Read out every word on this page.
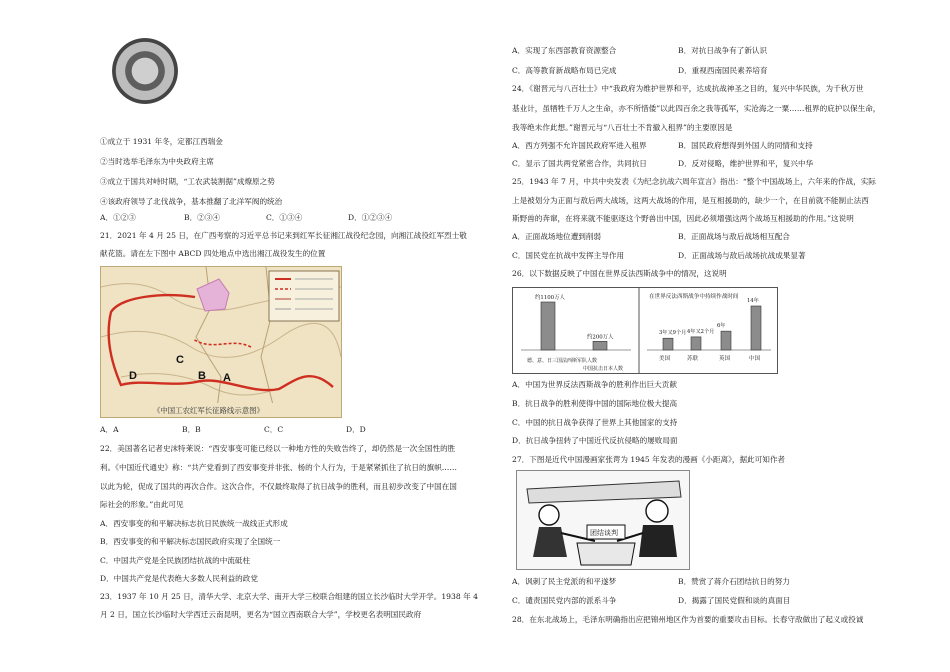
①成立于 1931 年冬，定都江西瑞金
②当时选举毛泽东为中央政府主席
③成立于国共对峙时期，“工农武装割据”成燎原之势
④该政府领导了北伐战争，基本推翻了北洋军阀的统治
A．①②③	B．②③④	C．①③④	D．①②③④
21．2021 年 4 月 25 日，在广西考察的习近平总书记来到红军长征湘江战役纪念园，向湘江战役红军烈士敬
献花篮。请在左下图中 ABCD 四处地点中选出湘江战役发生的位置
A
B
C
D
《中国工农红军长征路线示意图》
A．A	B．B	C．C	D．D
22．美国著名记者史沫特莱说：“西安事变可能已经以一种地方性的失败告终了，却仍然是一次全国性的胜
利。《中国近代通史》称：“共产党看到了西安事变并非张、杨的个人行为，于是紧紧抓住了抗日的旗帜……
以此为轮，促成了国共的再次合作。这次合作，不仅最终取得了抗日战争的胜利，而且初步改变了中国在国
际社会的形象。”由此可见
A．西安事变的和平解决标志抗日民族统一战线正式形成
B．西安事变的和平解决标志国民政府实现了全国统一
C．中国共产党是全民族团结抗战的中流砥柱
D．中国共产党是代表绝大多数人民利益的政党
23．1937 年 10 月 25 日，清华大学、北京大学、南开大学三校联合组建的国立长沙临时大学开学。1938 年 4
月 2 日，国立长沙临时大学西迁云南昆明，更名为“国立西南联合大学”，学校更名表明国民政府
A．实现了东西部教育资源整合	B．对抗日战争有了新认识
C．高等教育新战略布局已完成	D．重视西南国民素养培育
24．《谢晋元与八百壮士》中“我政府为维护世界和平，达成抗战神圣之目的，复兴中华民族，为千秋万世
基业计，虽牺牲千万人之生命，亦不所惜倭”以此四百余之我等孤军，实沧海之一粟……租界的庇护以保生命，
我等绝未作此想。”谢晋元与“八百壮士不肯撤入租界”的主要原因是
A．西方列强不允许国民政府军进入租界	B．国民政府想得到外国人的同情和支持
C．显示了国共两党紧密合作，共同抗日	D．反对侵略，维护世界和平，复兴中华
25．1943 年 7 月，中共中央发表《为纪念抗战六周年宣言》指出：“整个中国战场上，六年来的作战，实际
上是被划分为正面与敌后两大战场，这两大战场的作用，是互相援助的，缺少一个，在目前就不能制止法西
斯野兽的奔窜，在将来就不能驱逐这个野兽出中国，因此必须增强这两个战场互相援助的作用。”这说明
A．正面战场地位遭到削弱	B．正面战场与敌后战场相互配合
C．国民党在抗战中发挥主导作用	D．正面战场与敌后战场抗战成果显著
26．以下数据反映了中国在世界反法西斯战争中的情况，这说明
在世界反法西斯战争中持续作战时间
德、意、日三国法西斯军队人数
中国抗击日本人数
美国	苏联	英国	中国
约1100万人
约200万人
3年又9个月 4年又2个月
6年
14年
A．中国为世界反法西斯战争的胜利作出巨大贡献
B．抗日战争的胜利使得中国的国际地位极大提高
C．中国的抗日战争获得了世界上其他国家的支持
D．抗日战争扭转了中国近代反抗侵略的屡败局面
27．下图是近代中国漫画家张谔为 1945 年发表的漫画《小距离》，据此可知作者
团结谈判
A．讽刺了民主党派的和平遂梦	B．赞赏了蒋介石团结抗日的努力
C．谴责国民党内部的派系斗争	D．揭露了国民党假和谈的真面目
28．在东北战场上，毛泽东明确指出应把锦州地区作为首要的重要攻击目标。长春守敌做出了起义或投诚
